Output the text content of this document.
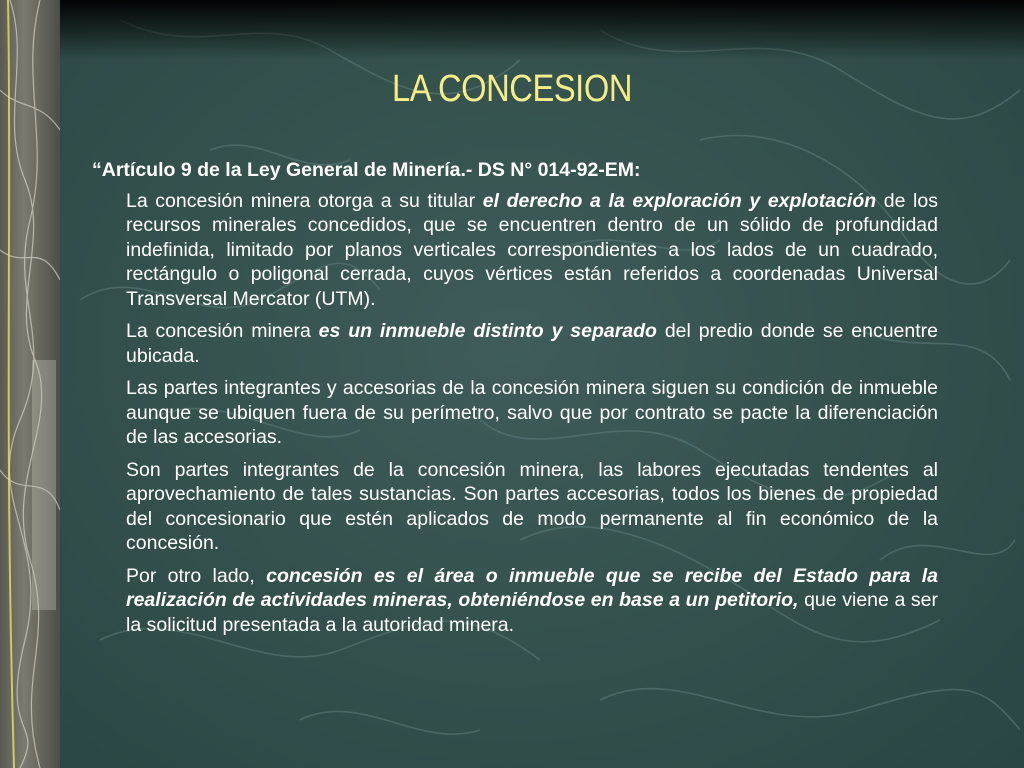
LA CONCESION

“Artículo 9 de la Ley General de Minería.- DS N° 014-92-EM:

La concesión minera otorga a su titular el derecho a la exploración y explotación de los recursos minerales concedidos, que se encuentren dentro de un sólido de profundidad indefinida, limitado por planos verticales correspondientes a los lados de un cuadrado, rectángulo o poligonal cerrada, cuyos vértices están referidos a coordenadas Universal Transversal Mercator (UTM).

La concesión minera es un inmueble distinto y separado del predio donde se encuentre ubicada.

Las partes integrantes y accesorias de la concesión minera siguen su condición de inmueble aunque se ubiquen fuera de su perímetro, salvo que por contrato se pacte la diferenciación de las accesorias.

Son partes integrantes de la concesión minera, las labores ejecutadas tendentes al aprovechamiento de tales sustancias. Son partes accesorias, todos los bienes de propiedad del concesionario que estén aplicados de modo permanente al fin económico de la concesión.

Por otro lado, concesión es el área o inmueble que se recibe del Estado para la realización de actividades mineras, obteniéndose en base a un petitorio, que viene a ser la solicitud presentada a la autoridad minera.
